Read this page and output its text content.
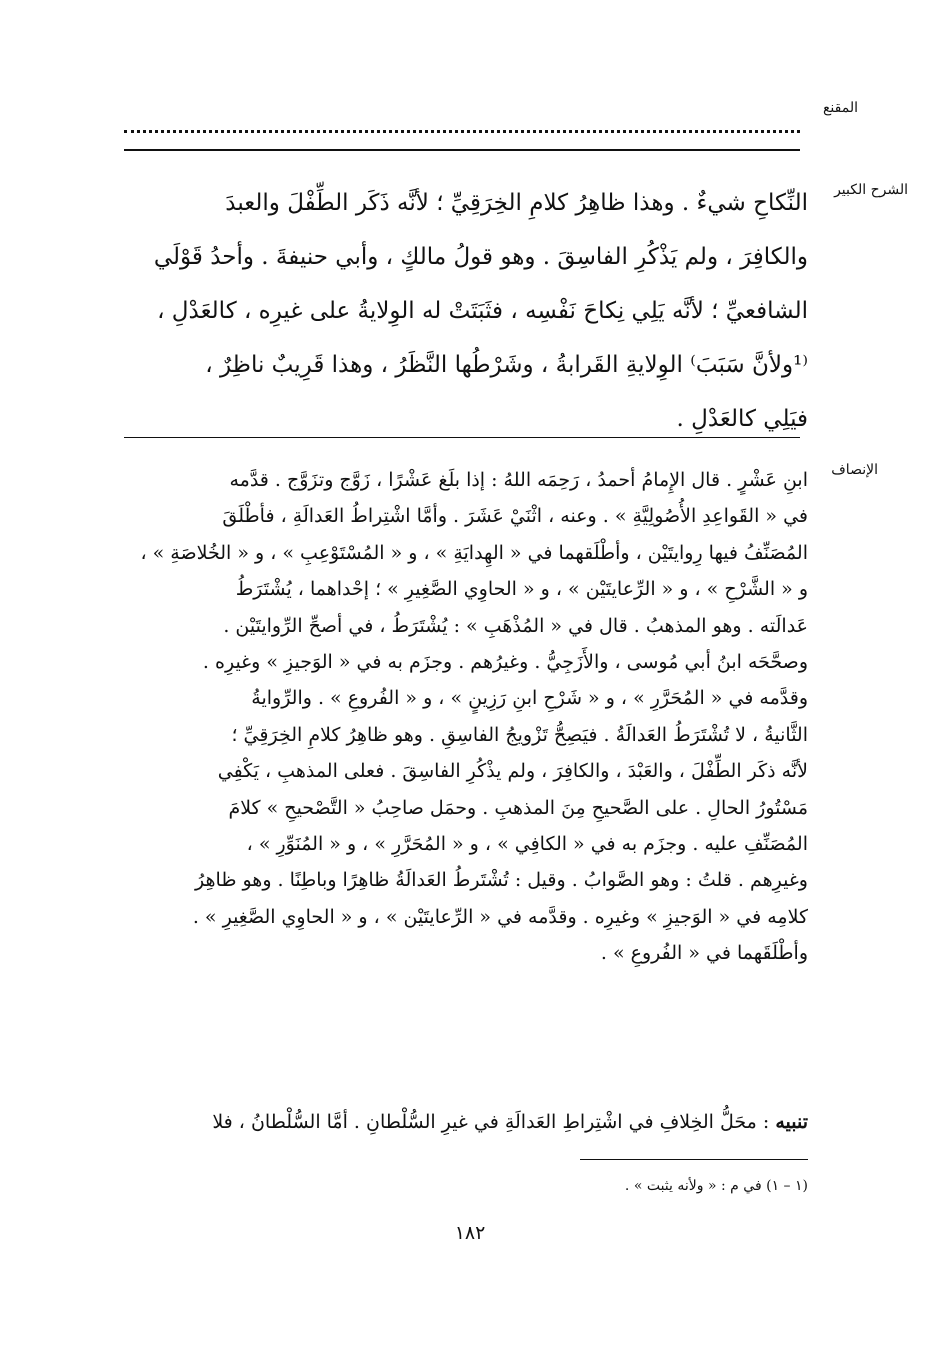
المقنع
الشرح الكبير
النِّكاحِ شيءٌ . وهذا ظاهِرُ كلامِ الخِرَقِيِّ ؛ لأنَّه ذَكَر الطِّفْلَ والعبدَ
والكافِرَ ، ولم يَذْكُرِ الفاسِقَ . وهو قولُ مالكٍ ، وأبي حنيفةَ . وأحدُ قَوْلَي
الشافعيِّ ؛ لأنَّه يَلِي نِكاحَ نَفْسِه ، فثَبَتَتْ له الوِلايةُ على غيرِه ، كالعَدْلِ ،
⁽¹ولأنَّ سَبَبَ⁾ الوِلايةِ القَرابةُ ، وشَرْطُها النَّظَرُ ، وهذا قَرِيبٌ ناظِرٌ ،
فيَلِي كالعَدْلِ .
الإنصاف
ابنِ عَشْرٍ . قال الإِمامُ أحمدُ ، رَحِمَه اللهُ : إذا بلَغ عَشْرًا ، زَوَّج وتزَوَّج . قدَّمه
في « القَواعِدِ الأُصُولِيَّةِ » . وعنه ، اثْنَيْ عَشَرَ . وأمَّا اشْتِراطُ العَدالَةِ ، فأطْلَقَ
المُصَنِّفُ فيها رِوايتَيْن ، وأطْلَقهما في « الهِدايَةِ » ، و « المُسْتَوْعِبِ » ، و « الخُلاصَةِ » ،
و « الشَّرْحِ » ، و « الرِّعايتَيْن » ، و « الحاوِي الصَّغِيرِ » ؛ إحْداهما ، يُشْتَرَطُ
عَدالَته . وهو المذهبُ . قال في « المُذْهَبِ » : يُشْتَرَطُ ، في أصحِّ الرِّوايتَيْن .
وصحَّحَه ابنُ أبي مُوسى ، والأَزَجِيُّ . وغيرُهم . وجزَم به في « الوَجيزِ » وغيرِه .
وقدَّمه في « المُحَرَّرِ » ، و « شَرْحِ ابنِ رَزِينٍ » ، و « الفُروعِ » . والرِّوايةُ
الثَّانيةُ ، لا تُشْتَرَطُ العَدالَةُ . فيَصِحُّ تَزْويجُ الفاسِقِ . وهو ظاهِرُ كلامِ الخِرَقِيِّ ؛
لأنَّه ذكَر الطِّفْلَ ، والعَبْدَ ، والكافِرَ ، ولم يذْكُرِ الفاسِقَ . فعلى المذهبِ ، يَكْفِي
مَسْتُورُ الحالِ . على الصَّحيحِ مِنَ المذهبِ . وحمَل صاحِبُ « التَّصْحيحِ » كلامَ
المُصَنِّفِ عليه . وجزَم به في « الكافِي » ، و « المُحَرَّرِ » ، و « المُنَوِّرِ » ،
وغيرِهم . قلتُ : وهو الصَّوابُ . وقيل : تُشْتَرطُ العَدالَةُ ظاهِرًا وباطِنًا . وهو ظاهِرُ
كلامِه في « الوَجيزِ » وغيرِه . وقدَّمه في « الرِّعايتَيْن » ، و « الحاوِي الصَّغِيرِ » .
وأطْلَقَهما في « الفُروعِ » .
تنبيه : محَلُّ الخِلافِ في اشْتِراطِ العَدالَةِ في غيرِ السُّلْطانِ . أمَّا السُّلْطانُ ، فلا
(١ – ١) في م : « ولأنه يثبت » .
١٨٢
